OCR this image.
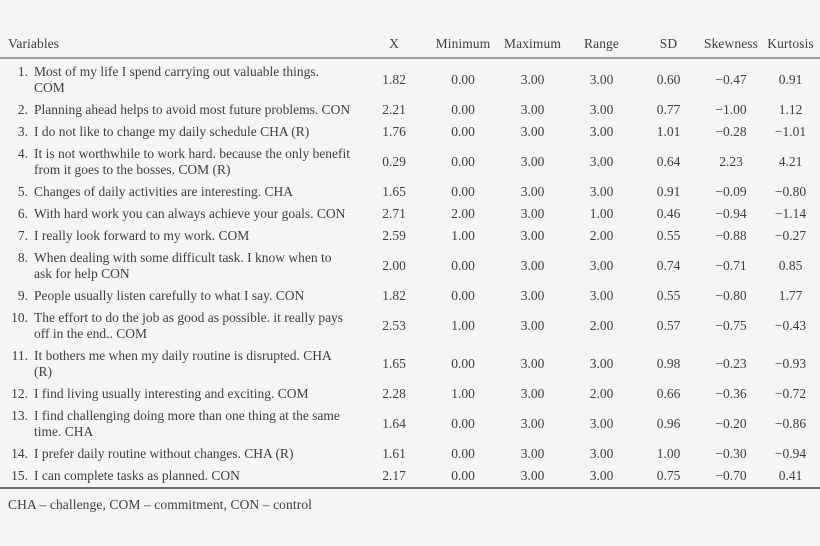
Variables	X	Minimum	Maximum	Range	SD	Skewness	Kurtosis

1. Most of my life I spend carrying out valuable things. COM	1.82	0.00	3.00	3.00	0.60	−0.47	0.91

2. Planning ahead helps to avoid most future problems. CON	2.21	0.00	3.00	3.00	0.77	−1.00	1.12

3. I do not like to change my daily schedule CHA (R)	1.76	0.00	3.00	3.00	1.01	−0.28	−1.01

4. It is not worthwhile to work hard. because the only benefit from it goes to the bosses. COM (R)	0.29	0.00	3.00	3.00	0.64	2.23	4.21

5. Changes of daily activities are interesting. CHA	1.65	0.00	3.00	3.00	0.91	−0.09	−0.80

6. With hard work you can always achieve your goals. CON	2.71	2.00	3.00	1.00	0.46	−0.94	−1.14

7. I really look forward to my work. COM	2.59	1.00	3.00	2.00	0.55	−0.88	−0.27

8. When dealing with some difficult task. I know when to ask for help CON	2.00	0.00	3.00	3.00	0.74	−0.71	0.85

9. People usually listen carefully to what I say. CON	1.82	0.00	3.00	3.00	0.55	−0.80	1.77

10. The effort to do the job as good as possible. it really pays off in the end.. COM	2.53	1.00	3.00	2.00	0.57	−0.75	−0.43

11. It bothers me when my daily routine is disrupted. CHA (R)	1.65	0.00	3.00	3.00	0.98	−0.23	−0.93

12. I find living usually interesting and exciting. COM	2.28	1.00	3.00	2.00	0.66	−0.36	−0.72

13. I find challenging doing more than one thing at the same time. CHA	1.64	0.00	3.00	3.00	0.96	−0.20	−0.86

14. I prefer daily routine without changes. CHA (R)	1.61	0.00	3.00	3.00	1.00	−0.30	−0.94

15. I can complete tasks as planned. CON	2.17	0.00	3.00	3.00	0.75	−0.70	0.41
CHA – challenge, COM – commitment, CON – control
